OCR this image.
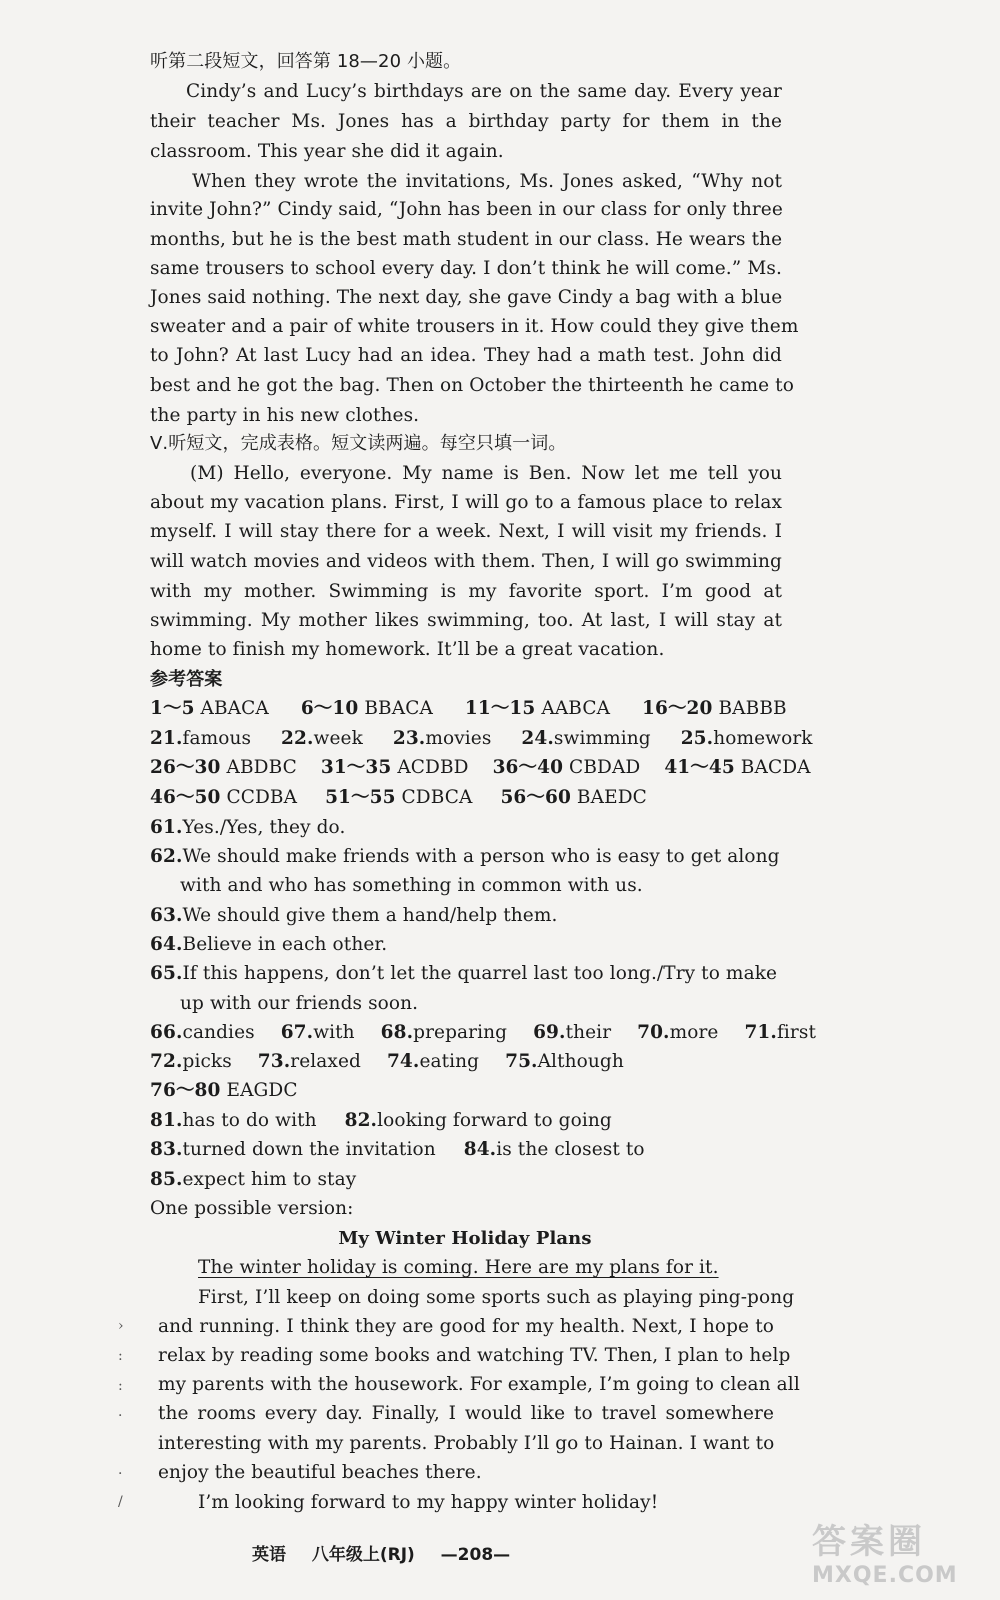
听第二段短文，回答第 18—20 小题。
Cindy’s and Lucy’s birthdays are on the same day. Every year
their teacher Ms. Jones has a birthday party for them in the
classroom. This year she did it again.
When they wrote the invitations, Ms. Jones asked, “Why not
invite John?” Cindy said, “John has been in our class for only three
months, but he is the best math student in our class. He wears the
same trousers to school every day. I don’t think he will come.” Ms.
Jones said nothing. The next day, she gave Cindy a bag with a blue
sweater and a pair of white trousers in it. How could they give them
to John? At last Lucy had an idea. They had a math test. John did
best and he got the bag. Then on October the thirteenth he came to
the party in his new clothes.
Ⅴ.听短文，完成表格。短文读两遍。每空只填一词。
(M) Hello, everyone. My name is Ben. Now let me tell you
about my vacation plans. First, I will go to a famous place to relax
myself. I will stay there for a week. Next, I will visit my friends. I
will watch movies and videos with them. Then, I will go swimming
with my mother. Swimming is my favorite sport. I’m good at
swimming. My mother likes swimming, too. At last, I will stay at
home to finish my homework. It’ll be a great vacation.
参考答案
1～5 ABACA 6～10 BBACA 11～15 AABCA 16～20 BABBB
21.famous 22.week 23.movies 24.swimming 25.homework
26～30 ABDBC 31～35 ACDBD 36～40 CBDAD 41～45 BACDA
46～50 CCDBA 51～55 CDBCA 56～60 BAEDC
61.Yes./Yes, they do.
62.We should make friends with a person who is easy to get along
with and who has something in common with us.
63.We should give them a hand/help them.
64.Believe in each other.
65.If this happens, don’t let the quarrel last too long./Try to make
up with our friends soon.
66.candies 67.with 68.preparing 69.their 70.more 71.first
72.picks 73.relaxed 74.eating 75.Although
76～80 EAGDC
81.has to do with 82.looking forward to going
83.turned down the invitation 84.is the closest to
85.expect him to stay
One possible version:
My Winter Holiday Plans
The winter holiday is coming. Here are my plans for it.
First, I’ll keep on doing some sports such as playing ping-pong
and running. I think they are good for my health. Next, I hope to
relax by reading some books and watching TV. Then, I plan to help
my parents with the housework. For example, I’m going to clean all
the rooms every day. Finally, I would like to travel somewhere
interesting with my parents. Probably I’ll go to Hainan. I want to
enjoy the beautiful beaches there.
I’m looking forward to my happy winter holiday!
›
:
:
·
·
/
英语 八年级上(RJ) —208—	答案圈
MXQE.COM
